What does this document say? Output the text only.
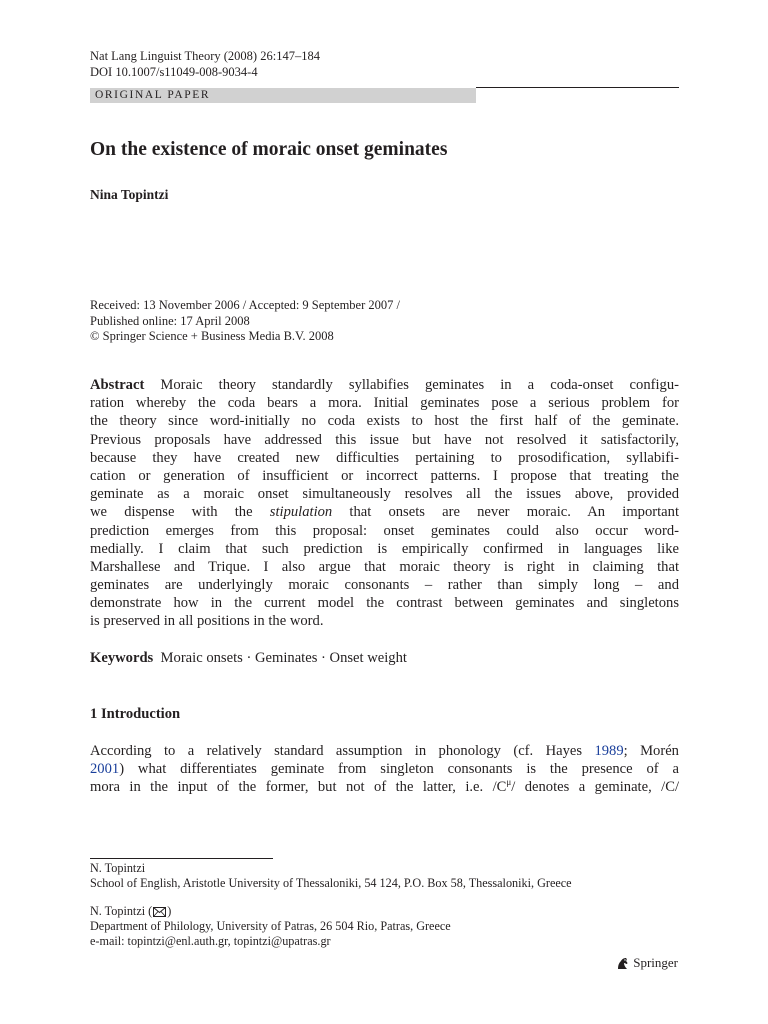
Nat Lang Linguist Theory (2008) 26:147–184
DOI 10.1007/s11049-008-9034-4
ORIGINAL PAPER
On the existence of moraic onset geminates
Nina Topintzi
Received: 13 November 2006 / Accepted: 9 September 2007 /
Published online: 17 April 2008
© Springer Science + Business Media B.V. 2008
Abstract Moraic theory standardly syllabifies geminates in a coda-onset configu-
ration whereby the coda bears a mora. Initial geminates pose a serious problem for
the theory since word-initially no coda exists to host the first half of the geminate.
Previous proposals have addressed this issue but have not resolved it satisfactorily,
because they have created new difficulties pertaining to prosodification, syllabifi-
cation or generation of insufficient or incorrect patterns. I propose that treating the
geminate as a moraic onset simultaneously resolves all the issues above, provided
we dispense with the stipulation that onsets are never moraic. An important
prediction emerges from this proposal: onset geminates could also occur word-
medially. I claim that such prediction is empirically confirmed in languages like
Marshallese and Trique. I also argue that moraic theory is right in claiming that
geminates are underlyingly moraic consonants – rather than simply long – and
demonstrate how in the current model the contrast between geminates and singletons
is preserved in all positions in the word.
Keywords Moraic onsets · Geminates · Onset weight
1 Introduction
According to a relatively standard assumption in phonology (cf. Hayes 1989; Morén
2001) what differentiates geminate from singleton consonants is the presence of a
mora in the input of the former, but not of the latter, i.e. $/C^\mu/$ denotes a geminate, /C/
N. Topintzi
School of English, Aristotle University of Thessaloniki, 54 124, P.O. Box 58, Thessaloniki, Greece
N. Topintzi ( )
Department of Philology, University of Patras, 26 504 Rio, Patras, Greece
e-mail: topintzi@enl.auth.gr, topintzi@upatras.gr
Springer
